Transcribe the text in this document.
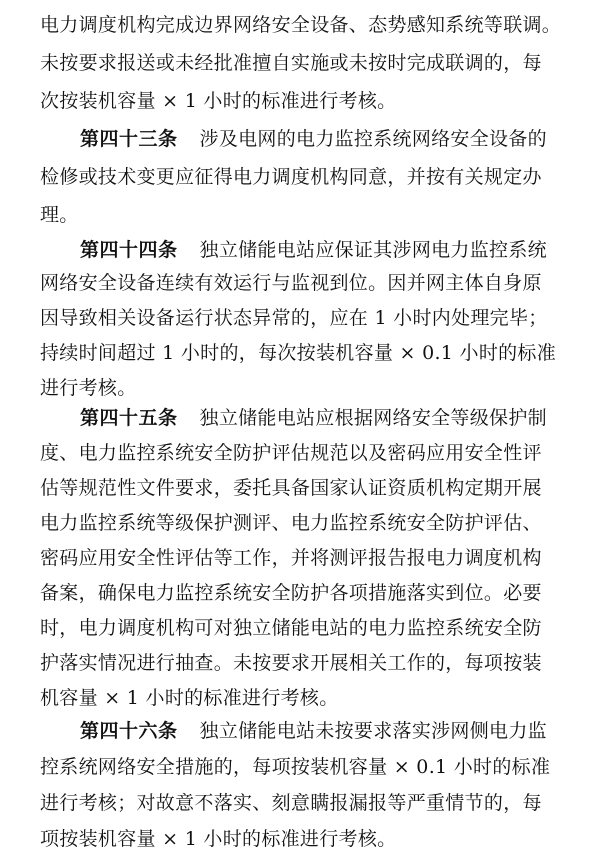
电力调度机构完成边界网络安全设备、态势感知系统等联调。
未按要求报送或未经批准擅自实施或未按时完成联调的，每
次按装机容量 × 1 小时的标准进行考核。
第四十三条 涉及电网的电力监控系统网络安全设备的
检修或技术变更应征得电力调度机构同意，并按有关规定办
理。
第四十四条 独立储能电站应保证其涉网电力监控系统
网络安全设备连续有效运行与监视到位。因并网主体自身原
因导致相关设备运行状态异常的，应在 1 小时内处理完毕；
持续时间超过 1 小时的，每次按装机容量 × 0.1 小时的标准
进行考核。
第四十五条 独立储能电站应根据网络安全等级保护制
度、电力监控系统安全防护评估规范以及密码应用安全性评
估等规范性文件要求，委托具备国家认证资质机构定期开展
电力监控系统等级保护测评、电力监控系统安全防护评估、
密码应用安全性评估等工作，并将测评报告报电力调度机构
备案，确保电力监控系统安全防护各项措施落实到位。必要
时，电力调度机构可对独立储能电站的电力监控系统安全防
护落实情况进行抽查。未按要求开展相关工作的，每项按装
机容量 × 1 小时的标准进行考核。
第四十六条 独立储能电站未按要求落实涉网侧电力监
控系统网络安全措施的，每项按装机容量 × 0.1 小时的标准
进行考核；对故意不落实、刻意瞒报漏报等严重情节的，每
项按装机容量 × 1 小时的标准进行考核。
